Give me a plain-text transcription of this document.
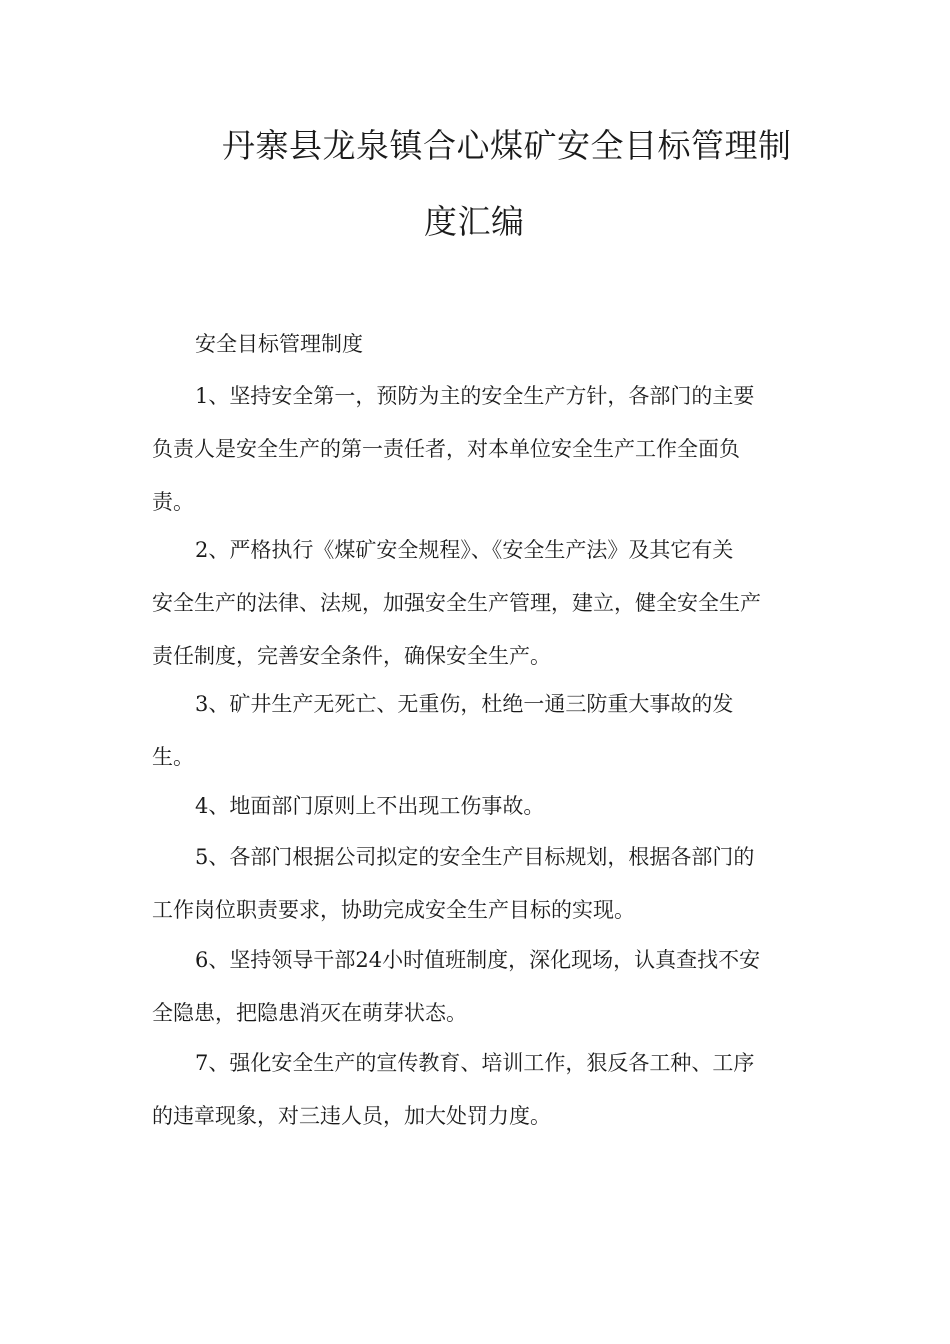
丹寨县龙泉镇合心煤矿安全目标管理制
度汇编
安全目标管理制度
1、坚持安全第一，预防为主的安全生产方针，各部门的主要
负责人是安全生产的第一责任者，对本单位安全生产工作全面负
责。
2、严格执行《煤矿安全规程》、《安全生产法》及其它有关
安全生产的法律、法规，加强安全生产管理，建立，健全安全生产
责任制度，完善安全条件，确保安全生产。
3、矿井生产无死亡、无重伤，杜绝一通三防重大事故的发
生。
4、地面部门原则上不出现工伤事故。
5、各部门根据公司拟定的安全生产目标规划，根据各部门的
工作岗位职责要求，协助完成安全生产目标的实现。
6、坚持领导干部24小时值班制度，深化现场，认真查找不安
全隐患，把隐患消灭在萌芽状态。
7、强化安全生产的宣传教育、培训工作，狠反各工种、工序
的违章现象，对三违人员，加大处罚力度。
